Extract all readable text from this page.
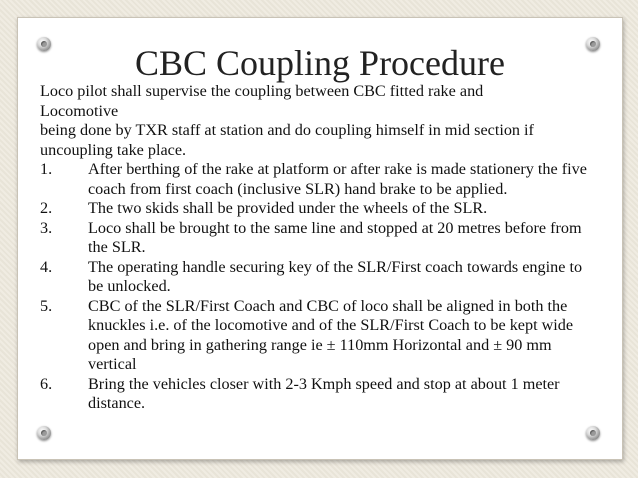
CBC Coupling Procedure

Loco pilot shall supervise the coupling between CBC fitted rake and

Locomotive

being done by TXR staff at station and do coupling himself in mid section if

uncoupling take place.

1. After berthing of the rake at platform or after rake is made stationery the five coach from first coach (inclusive SLR) hand brake to be applied.
2. The two skids shall be provided under the wheels of the SLR.
3. Loco shall be brought to the same line and stopped at 20 metres before from the SLR.
4. The operating handle securing key of the SLR/First coach towards engine to be unlocked.
5. CBC of the SLR/First Coach and CBC of loco shall be aligned in both the knuckles i.e. of the locomotive and of the SLR/First Coach to be kept wide open and bring in gathering range ie ± 110mm Horizontal and ± 90 mm vertical
6. Bring the vehicles closer with 2-3 Kmph speed and stop at about 1 meter distance.
